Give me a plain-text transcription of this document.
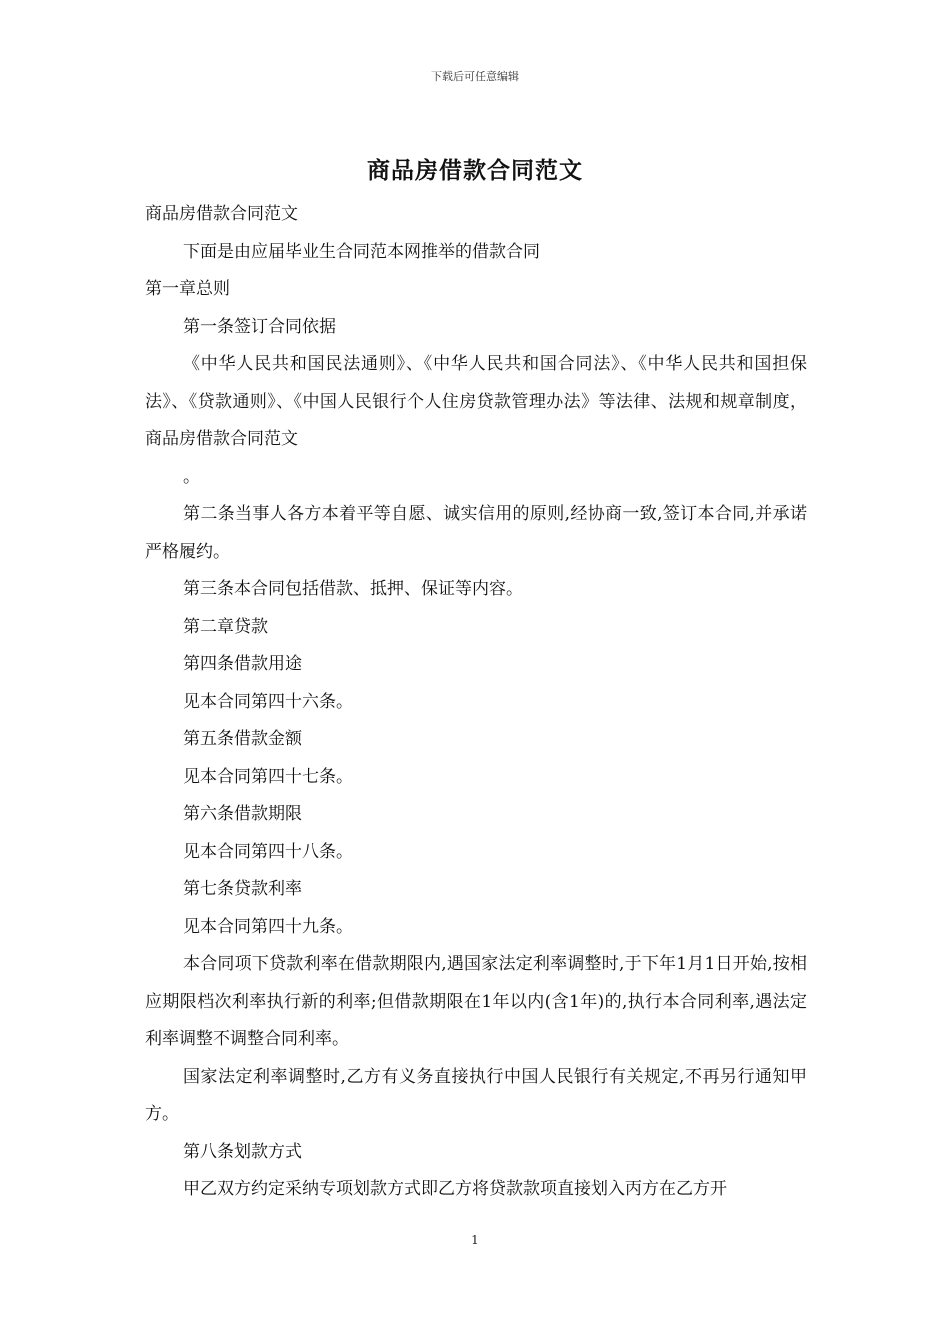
下载后可任意编辑
商品房借款合同范文

商品房借款合同范文

下面是由应届毕业生合同范本网推举的借款合同

第一章总则

第一条签订合同依据

《中华人民共和国民法通则》、《中华人民共和国合同法》、《中华人民共和国担保法》、《贷款通则》、《中国人民银行个人住房贷款管理办法》等法律、法规和规章制度，商品房借款合同范文

。

第二条当事人各方本着平等自愿、诚实信用的原则,经协商一致,签订本合同,并承诺严格履约。

第三条本合同包括借款、抵押、保证等内容。

第二章贷款

第四条借款用途

见本合同第四十六条。

第五条借款金额

见本合同第四十七条。

第六条借款期限

见本合同第四十八条。

第七条贷款利率

见本合同第四十九条。

本合同项下贷款利率在借款期限内,遇国家法定利率调整时,于下年1月1日开始,按相应期限档次利率执行新的利率;但借款期限在1年以内(含1年)的,执行本合同利率,遇法定利率调整不调整合同利率。

国家法定利率调整时,乙方有义务直接执行中国人民银行有关规定,不再另行通知甲方。

第八条划款方式

甲乙双方约定采纳专项划款方式即乙方将贷款款项直接划入丙方在乙方开

1
